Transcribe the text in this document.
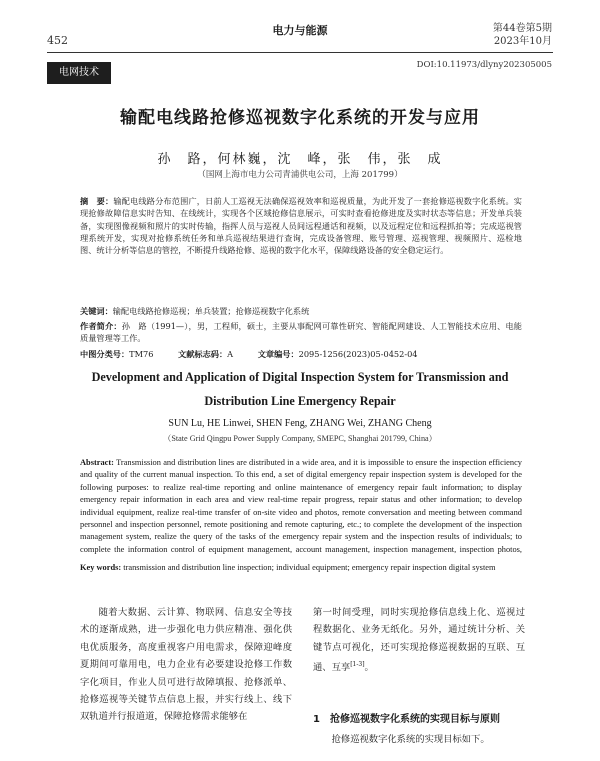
452
电力与能源	第44卷第5期
2023年10月
电网技术
DOI:10.11973/dlyny202305005
输配电线路抢修巡视数字化系统的开发与应用
孙　路，何林巍，沈　峰，张　伟，张　成
（国网上海市电力公司青浦供电公司，上海 201799）
摘　要：输配电线路分布范围广，日前人工巡视无法确保巡视效率和巡视质量，为此开发了一套抢修巡视数字化系统。实现抢修故障信息实时告知、在线统计，实现各个区域抢修信息展示，可实时查看抢修进度及实时状态等信息；开发单兵装备，实现图像视频和照片的实时传输，指挥人员与巡视人员间远程通话和视频，以及远程定位和远程抓拍等；完成巡视管理系统开发，实现对抢修系统任务和单兵巡视结果进行查询，完成设备管理、账号管理、巡视管理、视频照片、巡检地图、统计分析等信息的管控，不断提升线路抢修、巡视的数字化水平，保障线路设备的安全稳定运行。
关键词：输配电线路抢修巡视；单兵装置；抢修巡视数字化系统
作者简介：孙　路（1991—），男，工程师，硕士，主要从事配网可靠性研究、智能配网建设、人工智能技术应用、电能质量管理等工作。
中图分类号：TM76	文献标志码：A	文章编号：2095-1256(2023)05-0452-04
Development and Application of Digital Inspection System for Transmission and Distribution Line Emergency Repair
SUN Lu, HE Linwei, SHEN Feng, ZHANG Wei, ZHANG Cheng
（State Grid Qingpu Power Supply Company, SMEPC, Shanghai 201799, China）
Abstract: Transmission and distribution lines are distributed in a wide area, and it is impossible to ensure the inspection efficiency and quality of the current manual inspection. To this end, a set of digital emergency repair inspection system is developed for the following purposes: to realize real-time reporting and online maintenance of emergency repair fault information; to display emergency repair information in each area and view real-time repair progress, repair status and other information; to develop individual equipment, realize real-time transfer of on-site video and photos, remote conversation and meeting between command personnel and inspection personnel, remote positioning and remote capturing, etc.; to complete the development of the inspection management system, realize the query of the tasks of the emergency repair system and the inspection results of individuals; to complete the information control of equipment management, account management, inspection management, inspection photos,
Key words: transmission and distribution line inspection; individual equipment; emergency repair inspection digital system
随着大数据、云计算、物联网、信息安全等技术的逐渐成熟，进一步强化电力供应精准、强化供电优质服务，高度重视客户用电需求，保障迎峰度夏期间可靠用电，电力企业有必要建设抢修工作数字化项目，作业人员可进行故障填报、抢修派单、抢修巡视等关键节点信息上报，并实行线上、线下双轨道并行报道道，保障抢修需求能够在
第一时间受理，同时实现抢修信息线上化、巡视过程数据化、业务无纸化。另外，通过统计分析、关键节点可视化，还可实现抢修巡视数据的互联、互通、互享[1-3]。
1　抢修巡视数字化系统的实现目标与原则
抢修巡视数字化系统的实现目标如下。
